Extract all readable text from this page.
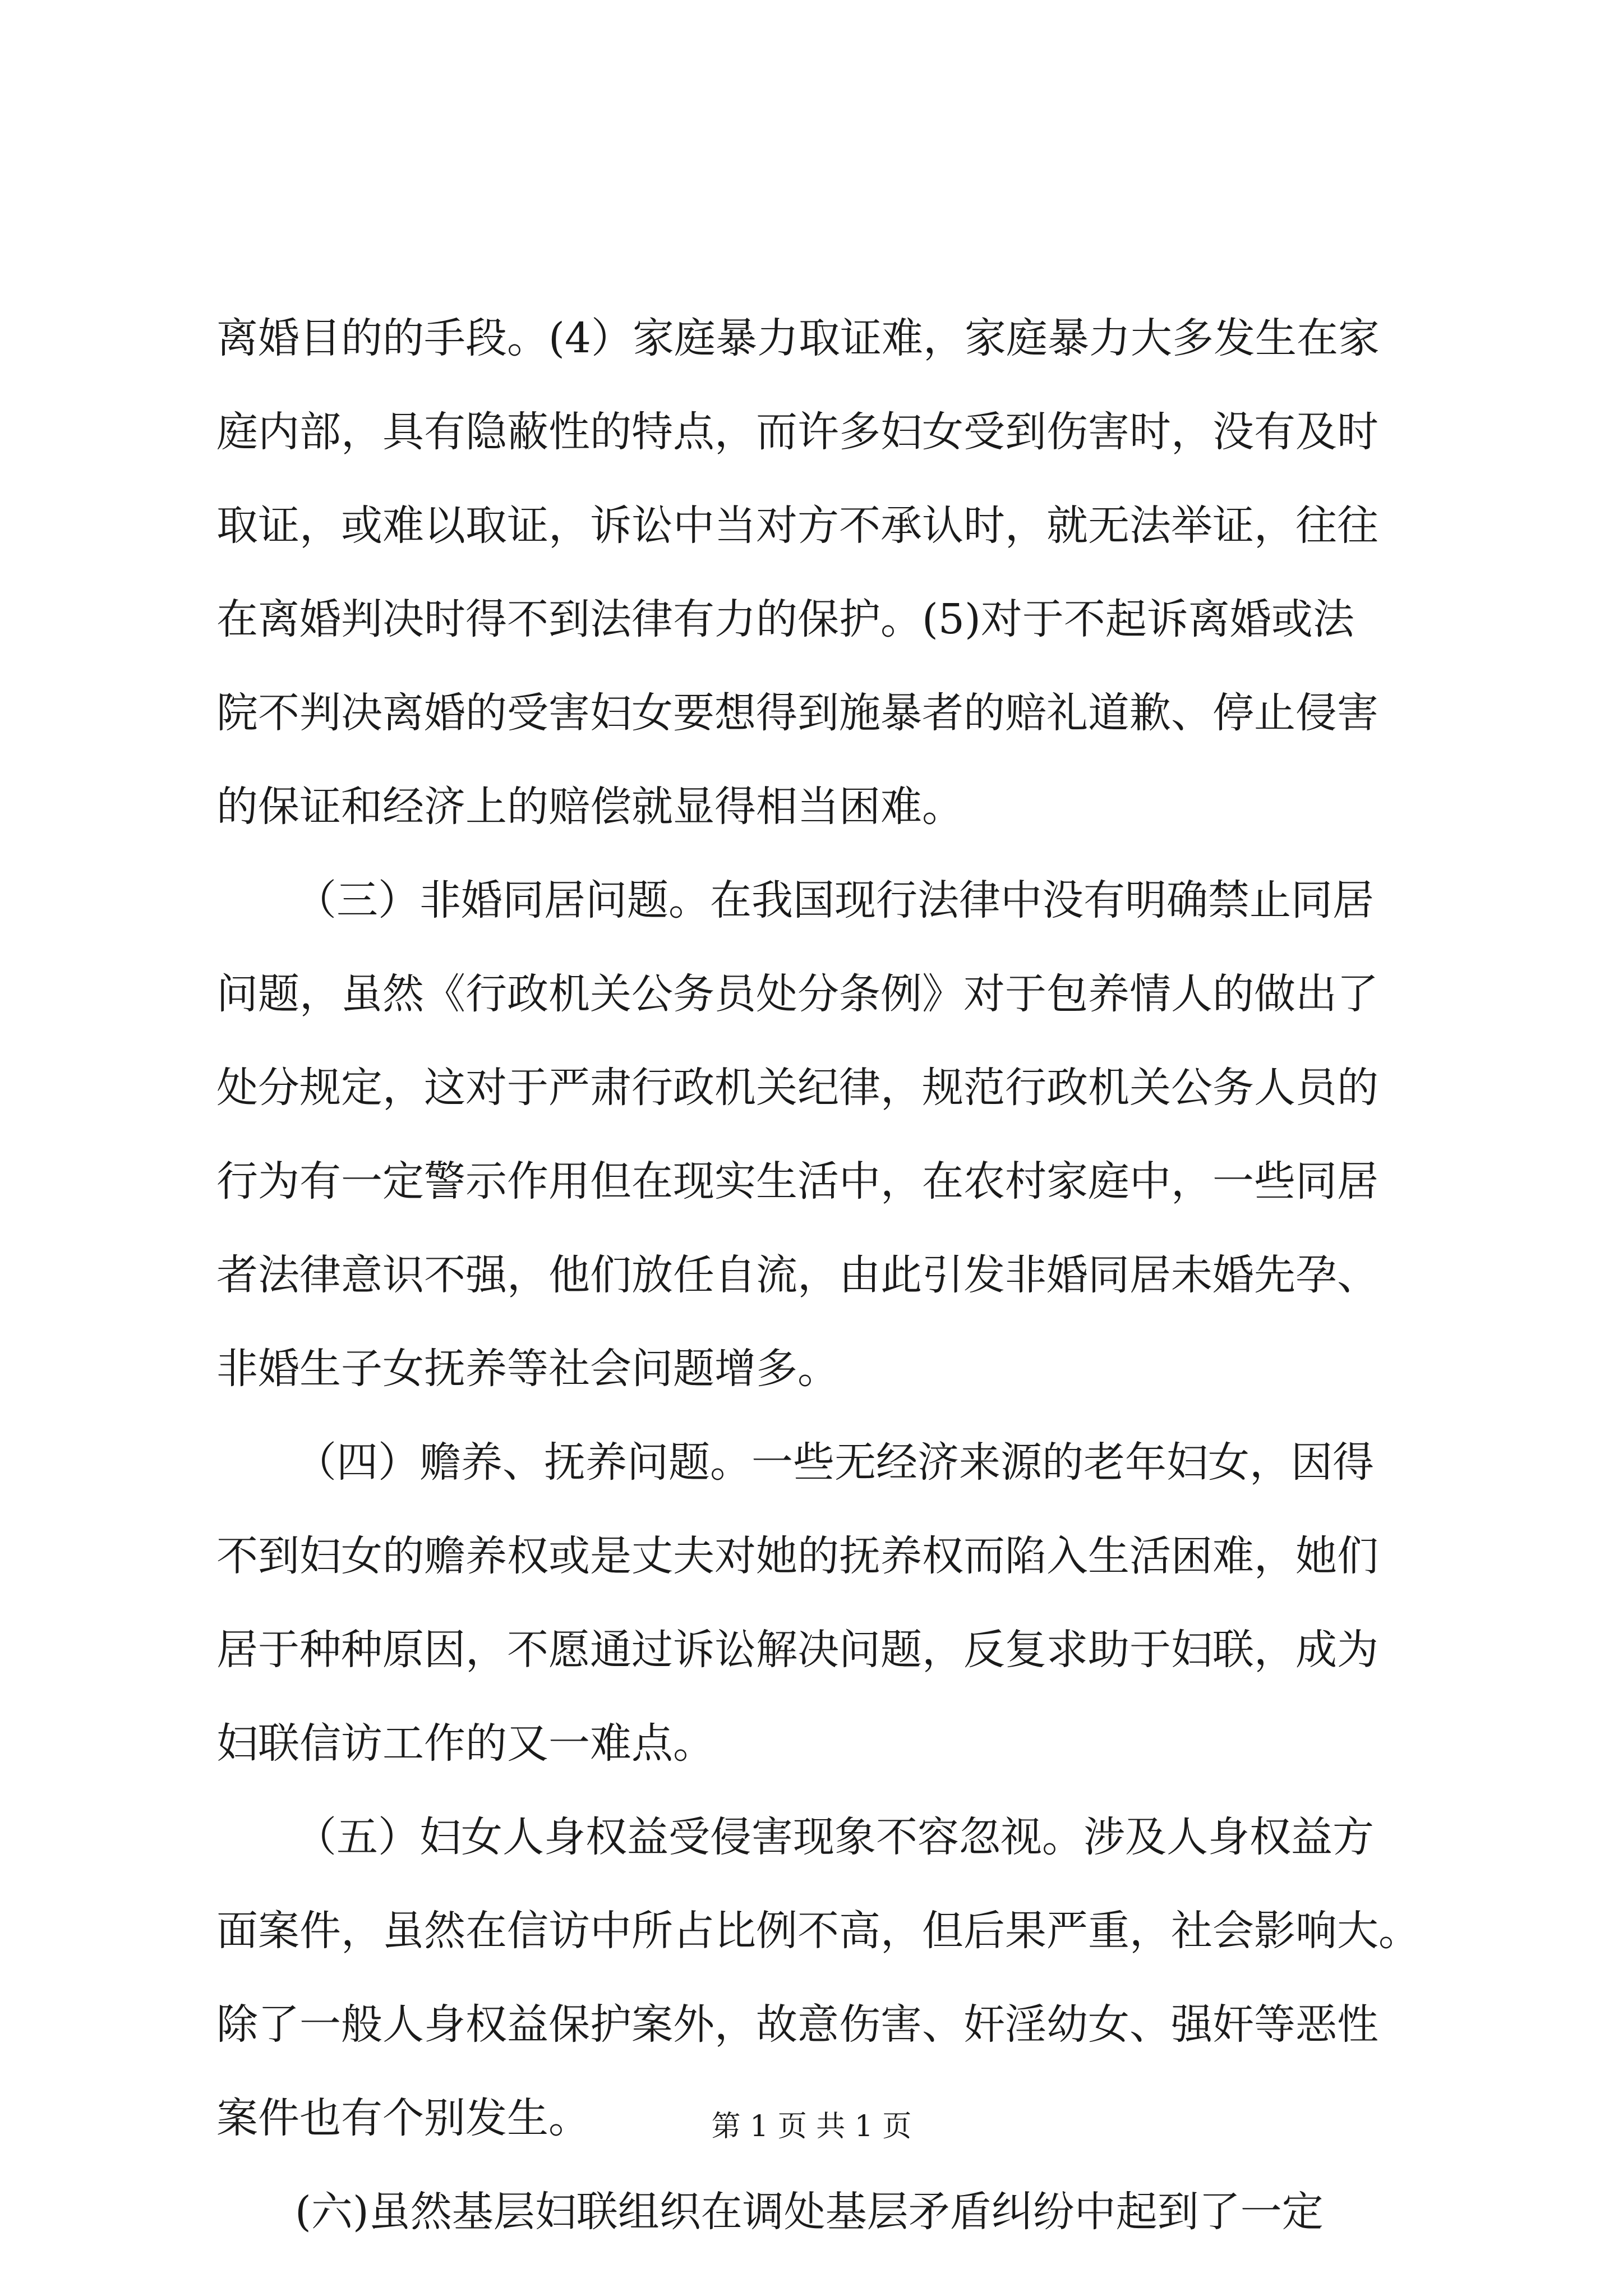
离婚目的的手段。(4）家庭暴力取证难，家庭暴力大多发生在家
庭内部，具有隐蔽性的特点，而许多妇女受到伤害时，没有及时
取证，或难以取证，诉讼中当对方不承认时，就无法举证，往往
在离婚判决时得不到法律有力的保护。(5)对于不起诉离婚或法
院不判决离婚的受害妇女要想得到施暴者的赔礼道歉、停止侵害
的保证和经济上的赔偿就显得相当困难。
（三）非婚同居问题。在我国现行法律中没有明确禁止同居
问题，虽然《行政机关公务员处分条例》对于包养情人的做出了
处分规定，这对于严肃行政机关纪律，规范行政机关公务人员的
行为有一定警示作用但在现实生活中，在农村家庭中，一些同居
者法律意识不强，他们放任自流，由此引发非婚同居未婚先孕、
非婚生子女抚养等社会问题增多。
（四）赡养、抚养问题。一些无经济来源的老年妇女，因得
不到妇女的赡养权或是丈夫对她的抚养权而陷入生活困难，她们
居于种种原因，不愿通过诉讼解决问题，反复求助于妇联，成为
妇联信访工作的又一难点。
（五）妇女人身权益受侵害现象不容忽视。涉及人身权益方
面案件，虽然在信访中所占比例不高，但后果严重，社会影响大。
除了一般人身权益保护案外，故意伤害、奸淫幼女、强奸等恶性
案件也有个别发生。
(六)虽然基层妇联组织在调处基层矛盾纠纷中起到了一定
第 1 页 共 1 页
